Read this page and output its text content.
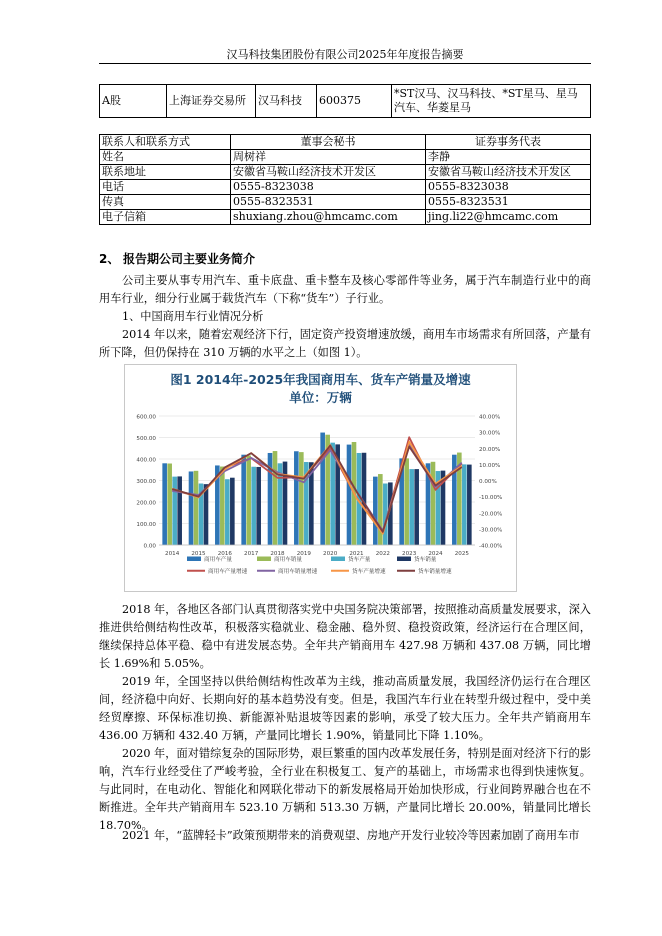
汉马科技集团股份有限公司2025年年度报告摘要
A股	上海证券交易所	汉马科技	600375	*ST汉马、汉马科技、*ST星马、星马汽车、华菱星马
联系人和联系方式	董事会秘书	证券事务代表
姓名	周树祥	李静
联系地址	安徽省马鞍山经济技术开发区	安徽省马鞍山经济技术开发区
电话	0555-8323038	0555-8323038
传真	0555-8323531	0555-8323531
电子信箱	shuxiang.zhou@hmcamc.com	jing.li22@hmcamc.com
2、 报告期公司主要业务简介

公司主要从事专用汽车、重卡底盘、重卡整车及核心零部件等业务，属于汽车制造行业中的商用车行业，细分行业属于载货汽车（下称“货车”）子行业。

1、中国商用车行业情况分析

2014 年以来，随着宏观经济下行，固定资产投资增速放缓，商用车市场需求有所回落，产量有所下降，但仍保持在 310 万辆的水平之上（如图 1）。

图1 2014年-2025年我国商用车、货车产销量及增速 单位：万辆
0.00
100.00
200.00
300.00
400.00
500.00
600.00
-40.00%
-30.00%
-20.00%
-10.00%
0.00%
10.00%
20.00%
30.00%
40.00%
2014 2015 2016 2017 2018 2019 2020 2021 2022 2023 2024 2025
商用车产量	商用车销量	货车产量	货车销量
商用车产量增速	商用车销量增速	货车产量增速	货车销量增速

2018 年，各地区各部门认真贯彻落实党中央国务院决策部署，按照推动高质量发展要求，深入推进供给侧结构性改革，积极落实稳就业、稳金融、稳外贸、稳投资政策，经济运行在合理区间，继续保持总体平稳、稳中有进发展态势。全年共产销商用车 427.98 万辆和 437.08 万辆，同比增长 1.69%和 5.05%。

2019 年，全国坚持以供给侧结构性改革为主线，推动高质量发展，我国经济仍运行在合理区间，经济稳中向好、长期向好的基本趋势没有变。但是，我国汽车行业在转型升级过程中，受中美经贸摩擦、环保标准切换、新能源补贴退坡等因素的影响，承受了较大压力。全年共产销商用车 436.00 万辆和 432.40 万辆，产量同比增长 1.90%，销量同比下降 1.10%。

2020 年，面对错综复杂的国际形势，艰巨繁重的国内改革发展任务，特别是面对经济下行的影响，汽车行业经受住了严峻考验，全行业在积极复工、复产的基础上，市场需求也得到快速恢复。与此同时，在电动化、智能化和网联化带动下的新发展格局开始加快形成，行业间跨界融合也在不断推进。全年共产销商用车 523.10 万辆和 513.30 万辆，产量同比增长 20.00%，销量同比增长 18.70%。

2021 年，“蓝牌轻卡”政策预期带来的消费观望、房地产开发行业较冷等因素加剧了商用车市
